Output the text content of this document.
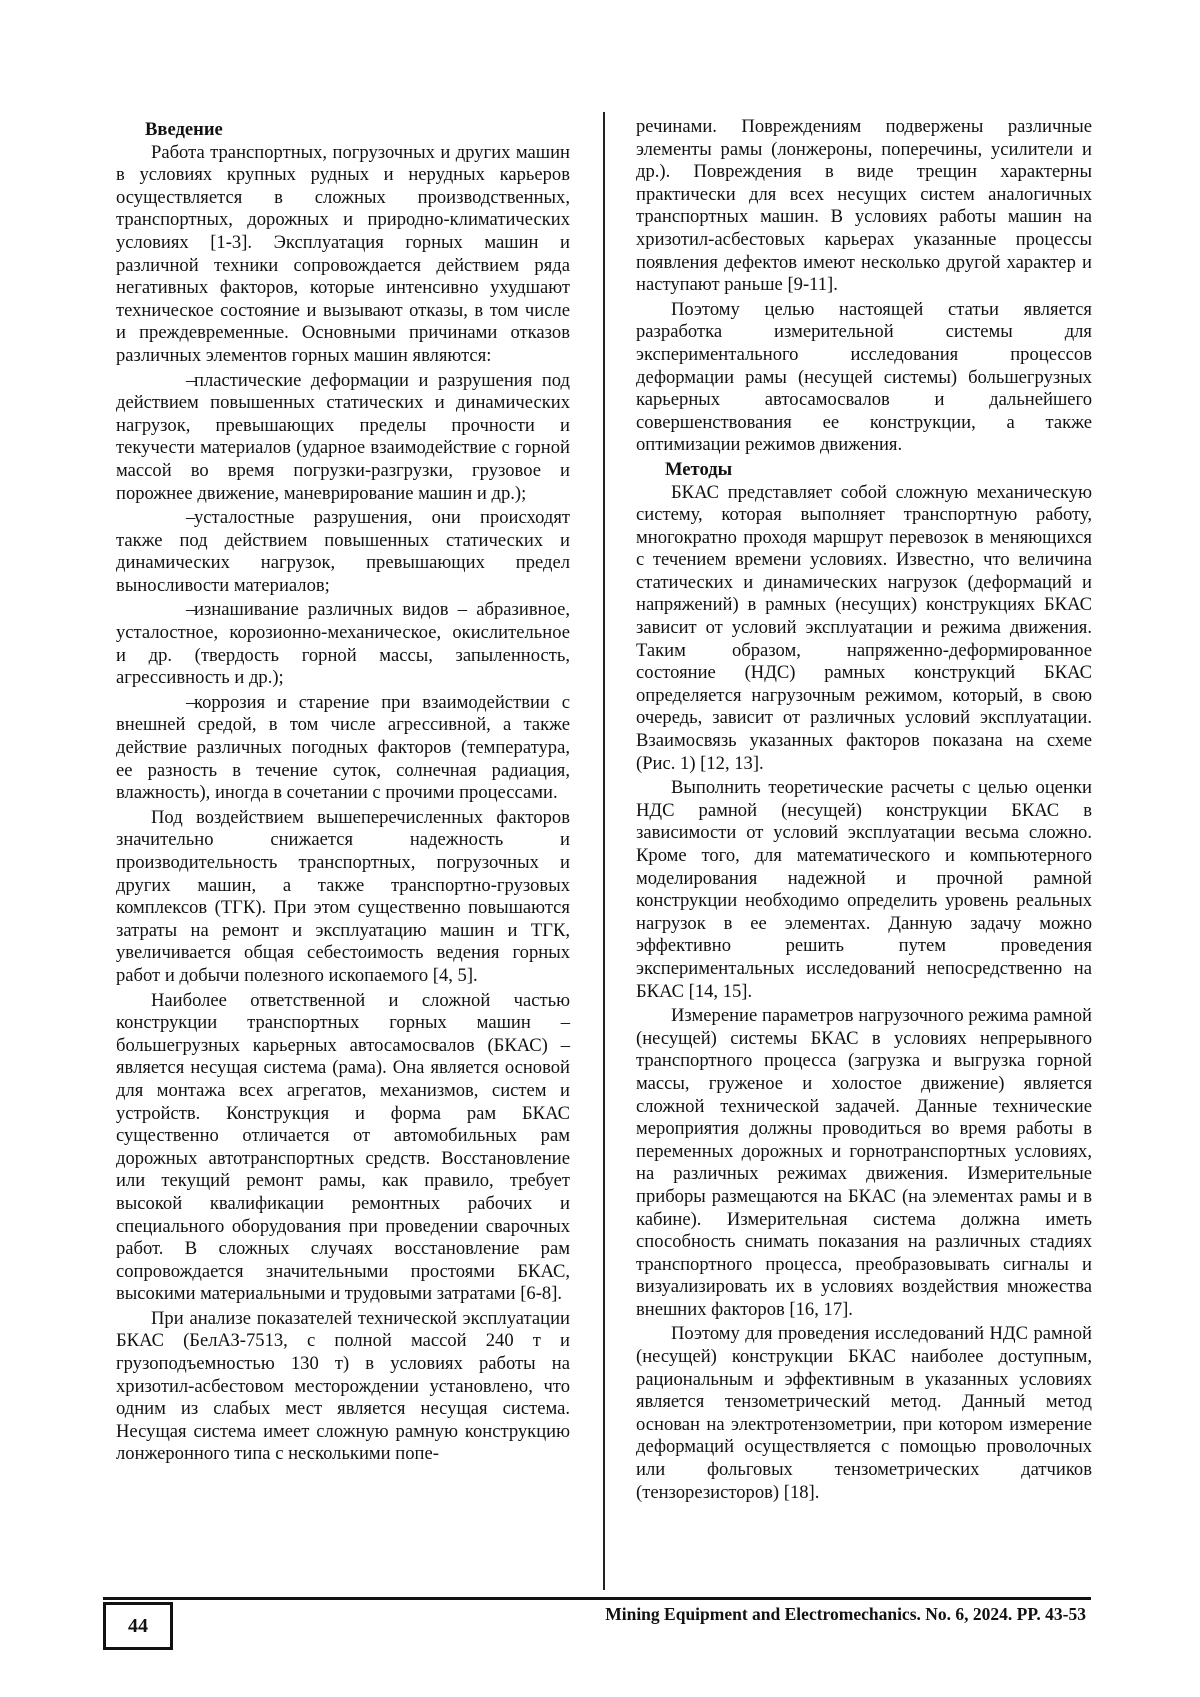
Введение

Работа транспортных, погрузочных и других машин в условиях крупных рудных и нерудных карьеров осуществляется в сложных производственных, транспортных, дорожных и природно-климатических условиях [1-3]. Эксплуатация горных машин и различной техники сопровождается действием ряда негативных факторов, которые интенсивно ухудшают техническое состояние и вызывают отказы, в том числе и преждевременные. Основными причинами отказов различных элементов горных машин являются:

–пластические деформации и разрушения под действием повышенных статических и динамических нагрузок, превышающих пределы прочности и текучести материалов (ударное взаимодействие с горной массой во время погрузки-разгрузки, грузовое и порожнее движение, маневрирование машин и др.);

–усталостные разрушения, они происходят также под действием повышенных статических и динамических нагрузок, превышающих предел выносливости материалов;

–изнашивание различных видов – абразивное, усталостное, корозионно-механическое, окислительное и др. (твердость горной массы, запыленность, агрессивность и др.);

–коррозия и старение при взаимодействии с внешней средой, в том числе агрессивной, а также действие различных погодных факторов (температура, ее разность в течение суток, солнечная радиация, влажность), иногда в сочетании с прочими процессами.

Под воздействием вышеперечисленных факторов значительно снижается надежность и производительность транспортных, погрузочных и других машин, а также транспортно-грузовых комплексов (ТГК). При этом существенно повышаются затраты на ремонт и эксплуатацию машин и ТГК, увеличивается общая себестоимость ведения горных работ и добычи полезного ископаемого [4, 5].

Наиболее ответственной и сложной частью конструкции транспортных горных машин – большегрузных карьерных автосамосвалов (БКАС) – является несущая система (рама). Она является основой для монтажа всех агрегатов, механизмов, систем и устройств. Конструкция и форма рам БКАС существенно отличается от автомобильных рам дорожных автотранспортных средств. Восстановление или текущий ремонт рамы, как правило, требует высокой квалификации ремонтных рабочих и специального оборудования при проведении сварочных работ. В сложных случаях восстановление рам сопровождается значительными простоями БКАС, высокими материальными и трудовыми затратами [6-8].

При анализе показателей технической эксплуатации БКАС (БелАЗ-7513, с полной массой 240 т и грузоподъемностью 130 т) в условиях работы на хризотил-асбестовом месторождении установлено, что одним из слабых мест является несущая система. Несущая система имеет сложную рамную конструкцию лонжеронного типа с несколькими попе-

речинами. Повреждениям подвержены различные элементы рамы (лонжероны, поперечины, усилители и др.). Повреждения в виде трещин характерны практически для всех несущих систем аналогичных транспортных машин. В условиях работы машин на хризотил-асбестовых карьерах указанные процессы появления дефектов имеют несколько другой характер и наступают раньше [9-11].

Поэтому целью настоящей статьи является разработка измерительной системы для экспериментального исследования процессов деформации рамы (несущей системы) большегрузных карьерных автосамосвалов и дальнейшего совершенствования ее конструкции, а также оптимизации режимов движения.

Методы

БКАС представляет собой сложную механическую систему, которая выполняет транспортную работу, многократно проходя маршрут перевозок в меняющихся с течением времени условиях. Известно, что величина статических и динамических нагрузок (деформаций и напряжений) в рамных (несущих) конструкциях БКАС зависит от условий эксплуатации и режима движения. Таким образом, напряженно-деформированное состояние (НДС) рамных конструкций БКАС определяется нагрузочным режимом, который, в свою очередь, зависит от различных условий эксплуатации. Взаимосвязь указанных факторов показана на схеме (Рис. 1) [12, 13].

Выполнить теоретические расчеты с целью оценки НДС рамной (несущей) конструкции БКАС в зависимости от условий эксплуатации весьма сложно. Кроме того, для математического и компьютерного моделирования надежной и прочной рамной конструкции необходимо определить уровень реальных нагрузок в ее элементах. Данную задачу можно эффективно решить путем проведения экспериментальных исследований непосредственно на БКАС [14, 15].

Измерение параметров нагрузочного режима рамной (несущей) системы БКАС в условиях непрерывного транспортного процесса (загрузка и выгрузка горной массы, груженое и холостое движение) является сложной технической задачей. Данные технические мероприятия должны проводиться во время работы в переменных дорожных и горнотранспортных условиях, на различных режимах движения. Измерительные приборы размещаются на БКАС (на элементах рамы и в кабине). Измерительная система должна иметь способность снимать показания на различных стадиях транспортного процесса, преобразовывать сигналы и визуализировать их в условиях воздействия множества внешних факторов [16, 17].

Поэтому для проведения исследований НДС рамной (несущей) конструкции БКАС наиболее доступным, рациональным и эффективным в указанных условиях является тензометрический метод. Данный метод основан на электротензометрии, при котором измерение деформаций осуществляется с помощью проволочных или фольговых тензометрических датчиков (тензорезисторов) [18].

44
Mining Equipment and Electromechanics. No. 6, 2024. PP. 43-53
